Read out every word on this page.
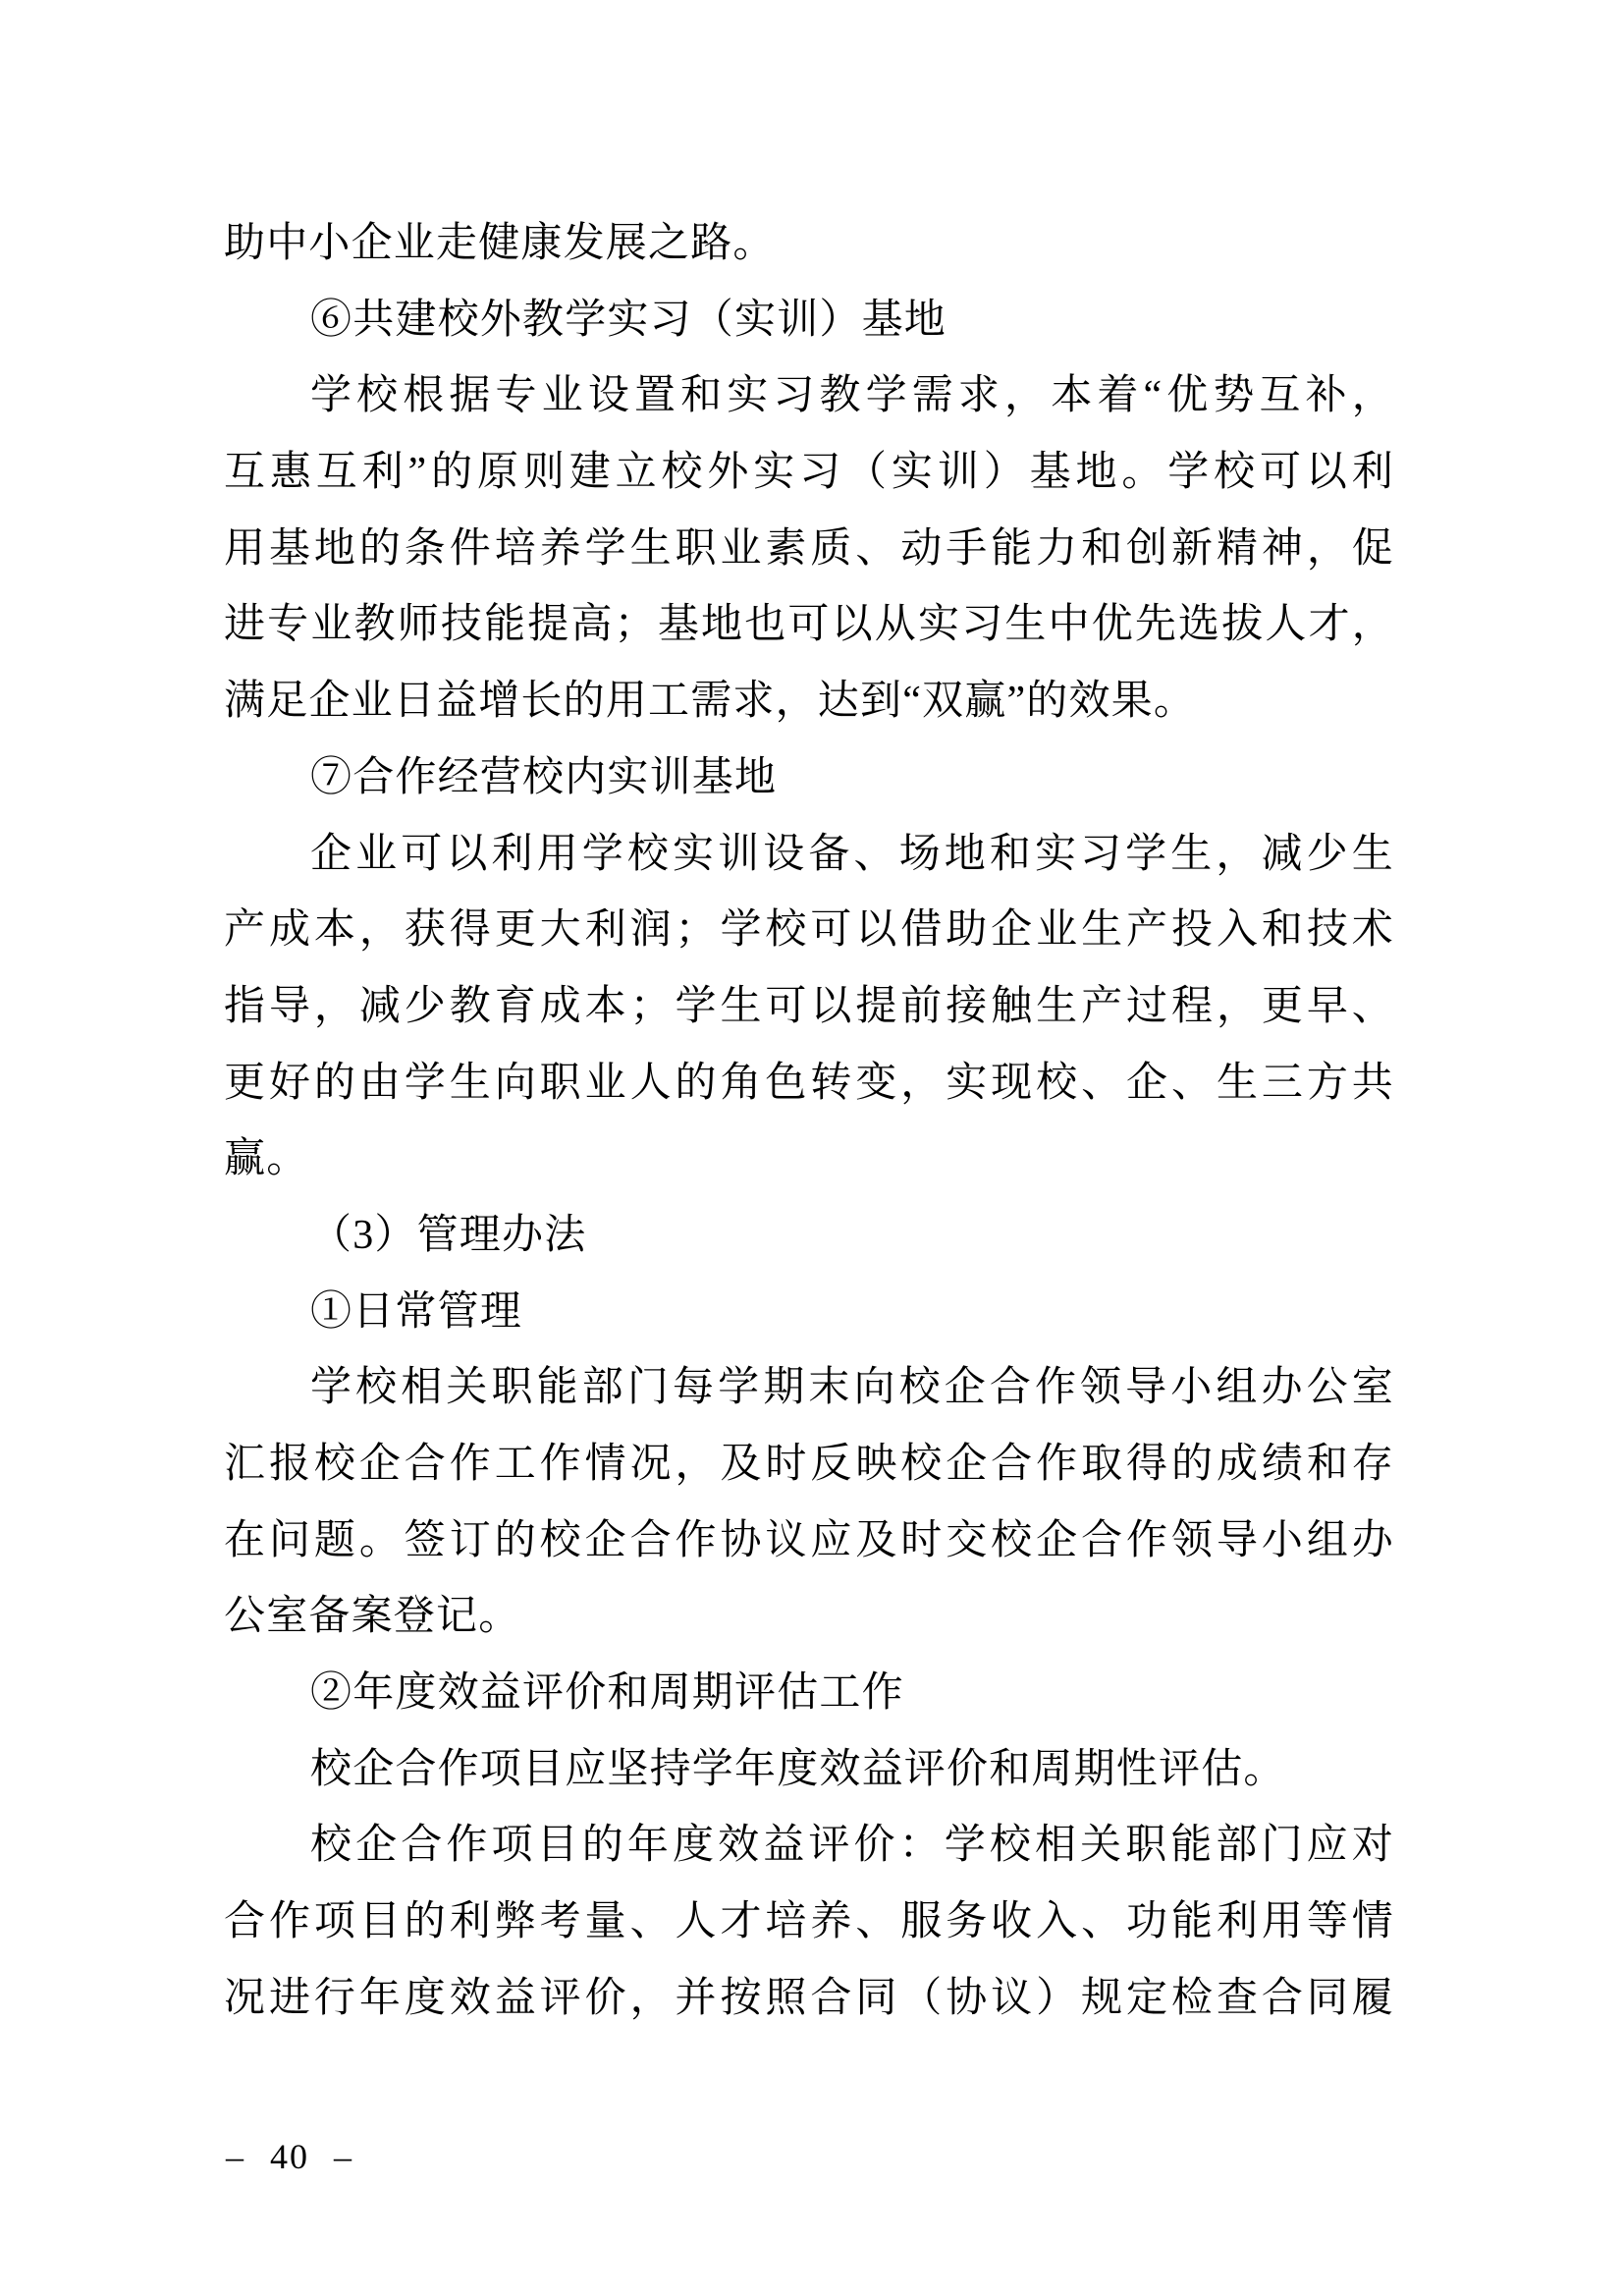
助中小企业走健康发展之路。
⑥共建校外教学实习（实训）基地
学校根据专业设置和实习教学需求，本着“优势互补，
互惠互利”的原则建立校外实习（实训）基地。学校可以利
用基地的条件培养学生职业素质、动手能力和创新精神，促
进专业教师技能提高；基地也可以从实习生中优先选拔人才，
满足企业日益增长的用工需求，达到“双赢”的效果。
⑦合作经营校内实训基地
企业可以利用学校实训设备、场地和实习学生，减少生
产成本，获得更大利润；学校可以借助企业生产投入和技术
指导，减少教育成本；学生可以提前接触生产过程，更早、
更好的由学生向职业人的角色转变，实现校、企、生三方共
赢。
（3）管理办法
①日常管理
学校相关职能部门每学期末向校企合作领导小组办公室
汇报校企合作工作情况，及时反映校企合作取得的成绩和存
在问题。签订的校企合作协议应及时交校企合作领导小组办
公室备案登记。
②年度效益评价和周期评估工作
校企合作项目应坚持学年度效益评价和周期性评估。
校企合作项目的年度效益评价：学校相关职能部门应对
合作项目的利弊考量、人才培养、服务收入、功能利用等情
况进行年度效益评价，并按照合同（协议）规定检查合同履
– 40 –
